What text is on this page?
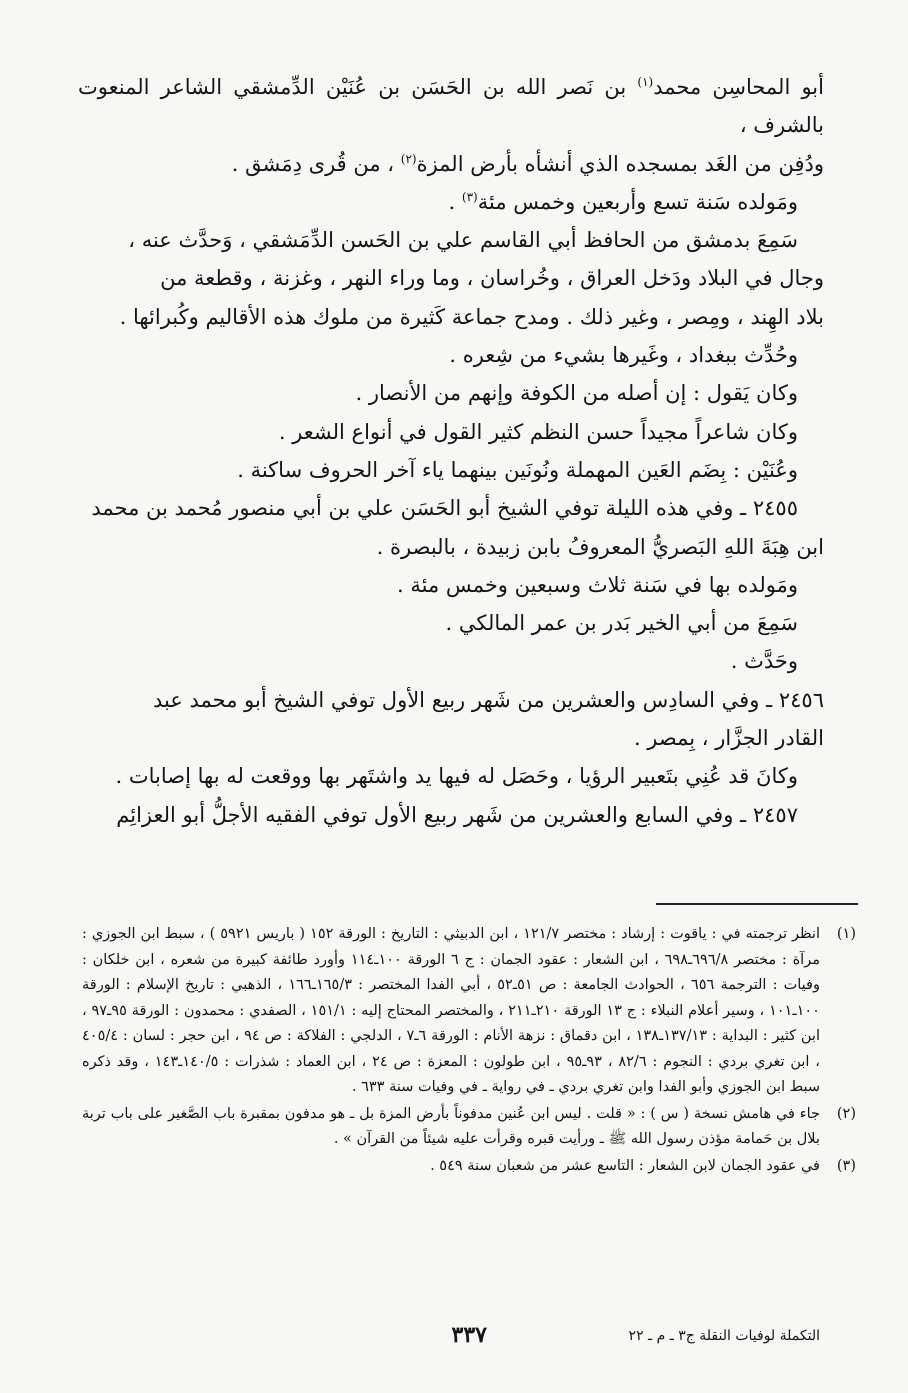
أبو المحاسِن محمد$^{(١)}$ بن نَصر الله بن الحَسَن بن عُنَيْن الدِّمشقي الشاعر المنعوت بالشرف ،

ودُفِن من الغَد بمسجده الذي أنشأه بأرض المزة$^{(٢)}$ ، من قُرى دِمَشق .

ومَولده سَنة تسع وأربعين وخمس مئة$^{(٣)}$ .

سَمِعَ بدمشق من الحافظ أبي القاسم علي بن الحَسن الدِّمَشقي ، وَحدَّث عنه ،

وجال في البلاد ودَخل العراق ، وخُراسان ، وما وراء النهر ، وغزنة ، وقطعة من

بلاد الهِند ، ومِصر ، وغير ذلك . ومدح جماعة كَثيرة من ملوك هذه الأقاليم وكُبرائها .

وحُدِّث ببغداد ، وغَيرها بشيء من شِعره .

وكان يَقول : إن أصله من الكوفة وإنهم من الأنصار .

وكان شاعراً مجيداً حسن النظم كثير القول في أنواع الشعر .

وعُنَيْن : بِضَم العَين المهملة ونُونَين بينهما ياء آخر الحروف ساكنة .

٢٤٥٥ ـ وفي هذه الليلة توفي الشيخ أبو الحَسَن علي بن أبي منصور مُحمد بن محمد

ابن هِبَةَ اللهِ البَصريُّ المعروفُ بابن زبيدة ، بالبصرة .

ومَولده بها في سَنة ثلاث وسبعين وخمس مئة .

سَمِعَ من أبي الخير بَدر بن عمر المالكي .

وحَدَّث .

٢٤٥٦ ـ وفي السادِس والعشرين من شَهر ربيع الأول توفي الشيخ أبو محمد عبد

القادر الجزَّار ، بِمصر .

وكانَ قد عُنِي بتَعبير الرؤيا ، وحَصَل له فيها يد واشتَهر بها ووقعت له بها إصابات .

٢٤٥٧ ـ وفي السابع والعشرين من شَهر ربيع الأول توفي الفقيه الأجلُّ أبو العزائِم

(١)
انظر ترجمته في : ياقوت : إرشاد : مختصر ١٢١/٧ ، ابن الدبيثي : التاريخ : الورقة ١٥٢ ( باريس ٥٩٢١ ) ، سبط ابن الجوزي : مرآة : مختصر ٦٩٦/٨ـ٦٩٨ ، ابن الشعار : عقود الجمان : ج ٦ الورقة ١٠٠ـ١١٤ وأورد طائفة كبيرة من شعره ، ابن خلكان : وفيات : الترجمة ٦٥٦ ، الحوادث الجامعة : ص ٥١ـ٥٢ ، أبي الفدا المختصر : ١٦٥/٣ـ١٦٦ ، الذهبي : تاريخ الإسلام : الورقة ١٠٠ـ١٠١ ، وسير أعلام النبلاء : ج ١٣ الورقة ٢١٠ـ٢١١ ، والمختصر المحتاج إليه : ١٥١/١ ، الصفدي : محمدون : الورقة ٩٥ـ٩٧ ، ابن كثير : البداية : ١٣٧/١٣ـ١٣٨ ، ابن دقماق : نزهة الأنام : الورقة ٦ـ٧ ، الدلجي : الفلاكة : ص ٩٤ ، ابن حجر : لسان : ٤٠٥/٤ ، ابن تغري بردي : النجوم : ٨٢/٦ ، ٩٣ـ٩٥ ، ابن طولون : المعزة : ص ٢٤ ، ابن العماد : شذرات : ١٤٠/٥ـ١٤٣ ، وقد ذكره سبط ابن الجوزي وأبو الفدا وابن تغري بردي ـ في رواية ـ في وفيات سنة ٦٣٣ .
(٢)
جاء في هامش نسخة ( س ) : « قلت . ليس ابن عُنين مدفوناً بأرض المزة بل ـ هو مدفون بمقبرة باب الصَّغير على باب تربة بلال بن حَمامة مؤذن رسول الله ﷺ ـ ورأيت قبره وقرأت عليه شيئاً من القرآن » .
(٣)
في عقود الجمان لابن الشعار : التاسع عشر من شعبان سنة ٥٤٩ .
التكملة لوفيات النقلة ج٣ ـ م ـ ٢٢
٣٣٧
